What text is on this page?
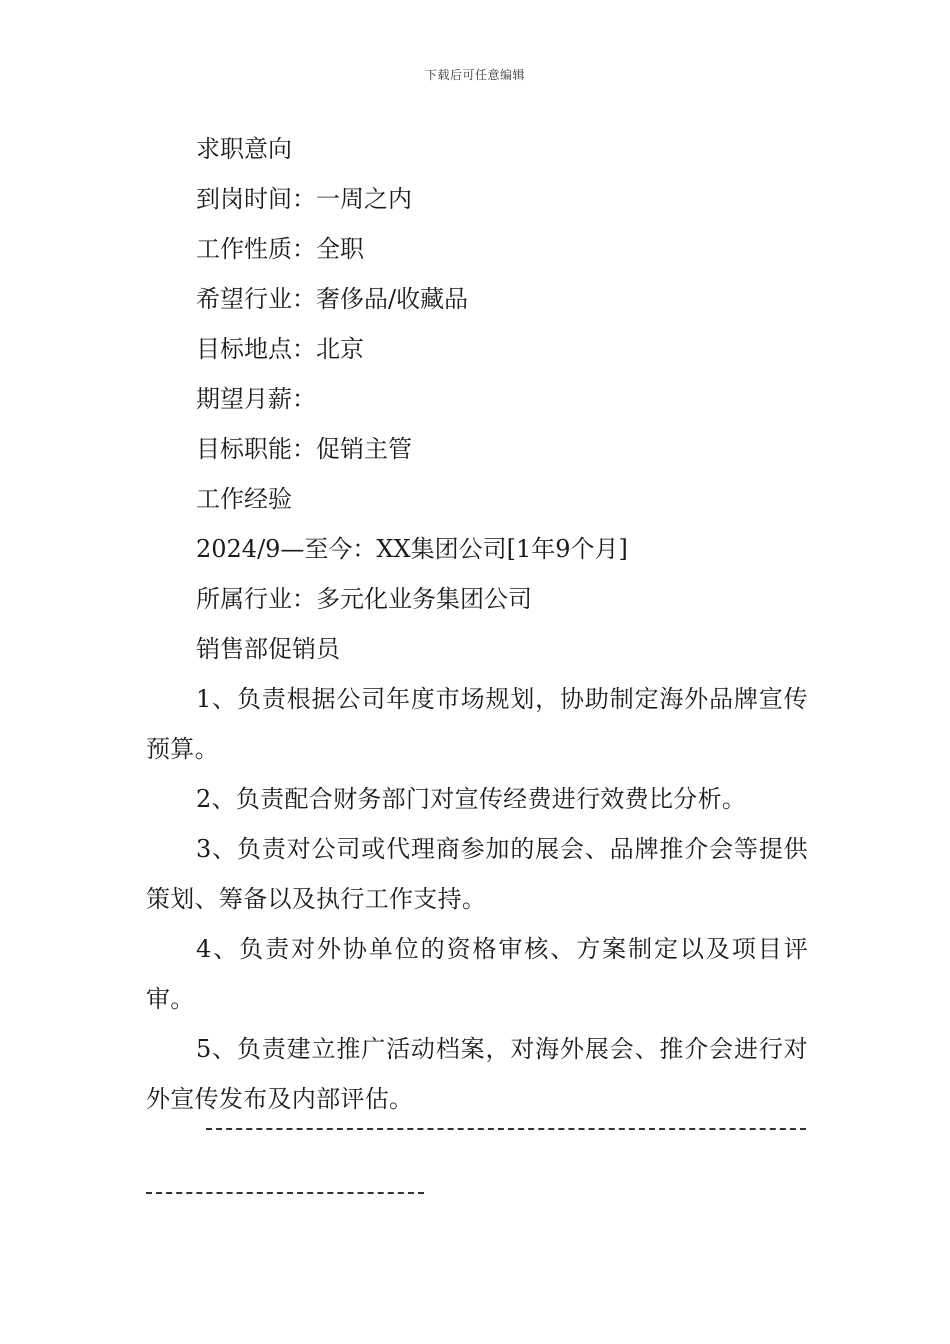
下载后可任意编辑
求职意向
到岗时间：一周之内
工作性质：全职
希望行业：奢侈品/收藏品
目标地点：北京
期望月薪：
目标职能：促销主管
工作经验
2024/9—至今：XX集团公司[1年9个月]
所属行业：多元化业务集团公司
销售部促销员
1、负责根据公司年度市场规划，协助制定海外品牌宣传预算。
2、负责配合财务部门对宣传经费进行效费比分析。
3、负责对公司或代理商参加的展会、品牌推介会等提供策划、筹备以及执行工作支持。
4、负责对外协单位的资格审核、方案制定以及项目评审。
5、负责建立推广活动档案，对海外展会、推介会进行对外宣传发布及内部评估。
